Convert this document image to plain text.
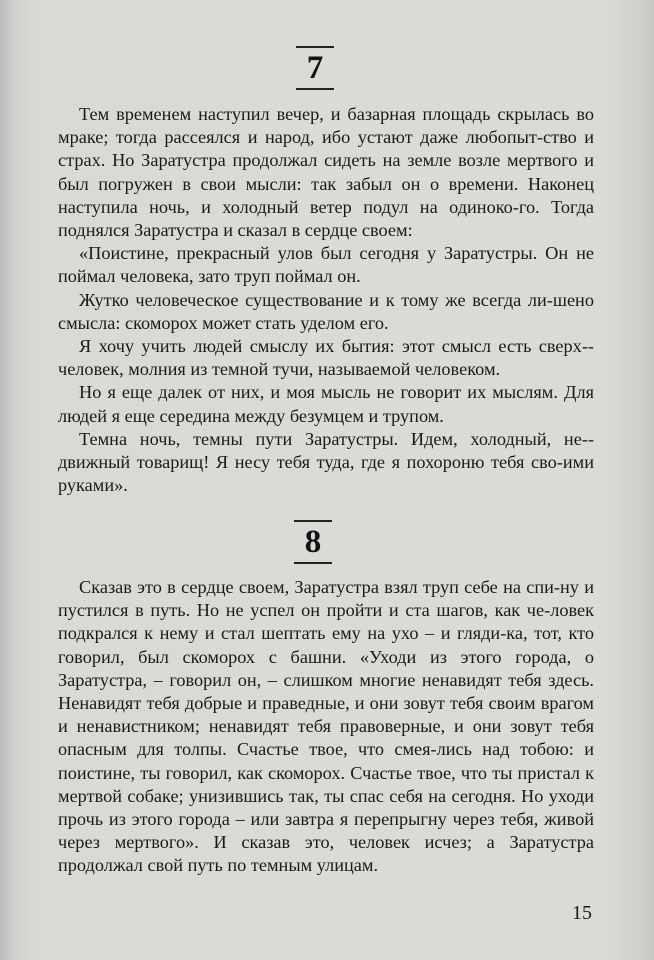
7

Тем временем наступил вечер, и базарная площадь скрылась во мраке; тогда рассеялся и народ, ибо устают даже любопыт-ство и страх. Но Заратустра продолжал сидеть на земле возле мертвого и был погружен в свои мысли: так забыл он о времени. Наконец наступила ночь, и холодный ветер подул на одиноко-го. Тогда поднялся Заратустра и сказал в сердце своем:

«Поистине, прекрасный улов был сегодня у Заратустры. Он не поймал человека, зато труп поймал он.

Жутко человеческое существование и к тому же всегда ли-шено смысла: скоморох может стать уделом его.

Я хочу учить людей смыслу их бытия: этот смысл есть сверх-человек, молния из темной тучи, называемой человеком.

Но я еще далек от них, и моя мысль не говорит их мыслям. Для людей я еще середина между безумцем и трупом.

Темна ночь, темны пути Заратустры. Идем, холодный, не-движный товарищ! Я несу тебя туда, где я похороню тебя сво-ими руками».

8

Сказав это в сердце своем, Заратустра взял труп себе на спи-ну и пустился в путь. Но не успел он пройти и ста шагов, как че-ловек подкрался к нему и стал шептать ему на ухо – и гляди-ка, тот, кто говорил, был скоморох с башни. «Уходи из этого города, о Заратустра, – говорил он, – слишком многие ненавидят тебя здесь. Ненавидят тебя добрые и праведные, и они зовут тебя своим врагом и ненавистником; ненавидят тебя правоверные, и они зовут тебя опасным для толпы. Счастье твое, что смея-лись над тобою: и поистине, ты говорил, как скоморох. Счастье твое, что ты пристал к мертвой собаке; унизившись так, ты спас себя на сегодня. Но уходи прочь из этого города – или завтра я перепрыгну через тебя, живой через мертвого». И сказав это, человек исчез; а Заратустра продолжал свой путь по темным улицам.

15
